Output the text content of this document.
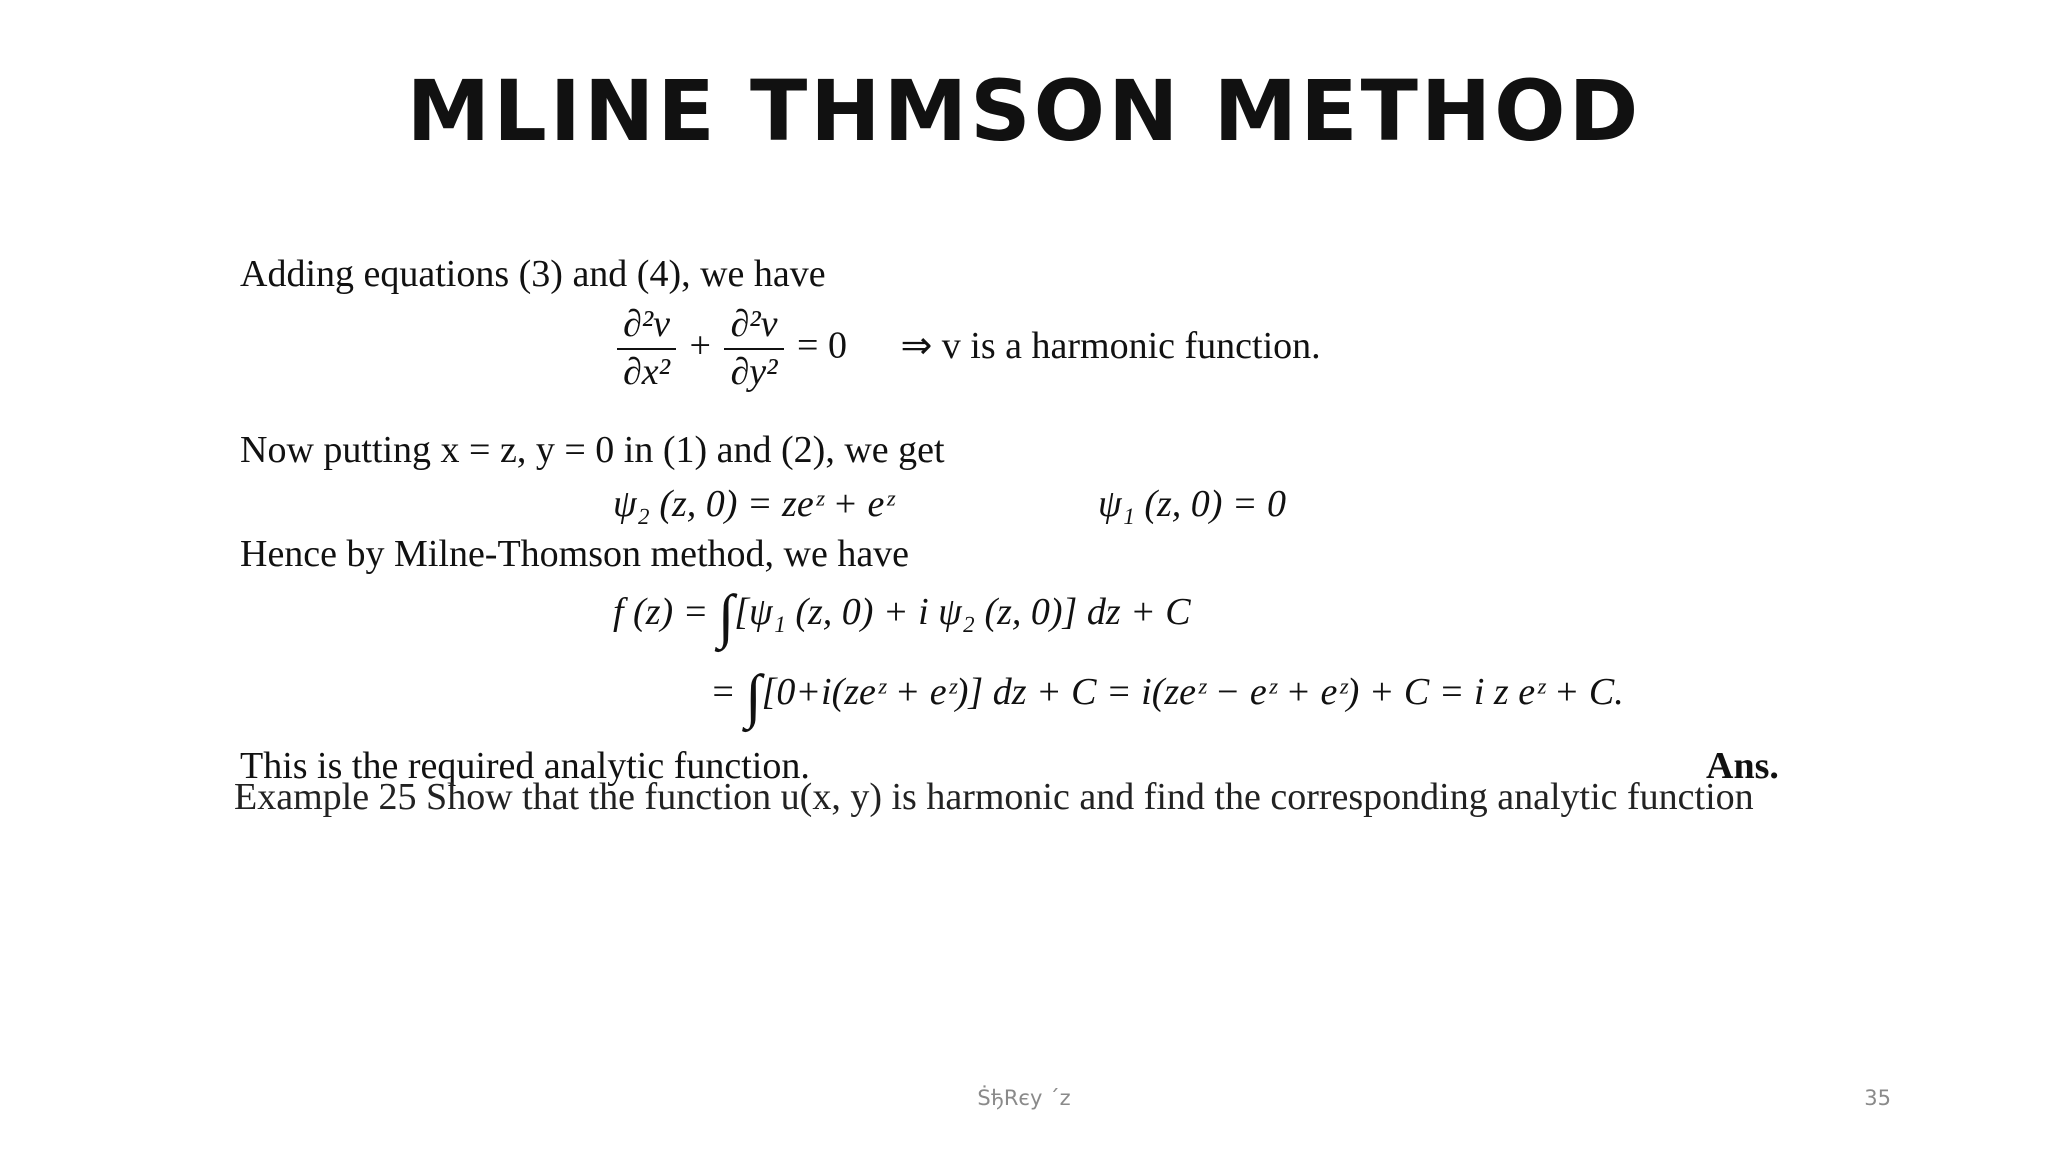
MLINE THMSON METHOD
Adding equations (3) and (4), we have
$\frac{\text{∂²v}}{\text{∂x²}} + \frac{\text{∂²v}}{\text{∂y²}} = 0$ ⇒ v is a harmonic function.
Now putting x = z, y = 0 in (1) and (2), we get
ψ₂ (z, 0) = zeᶻ + eᶻ	ψ₁ (z, 0) = 0
Hence by Milne-Thomson method, we have
f (z) = ∫[ψ₁ (z, 0) + i ψ₂ (z, 0)] dz + C
= ∫[0+i(zeᶻ + eᶻ)] dz + C = i(zeᶻ − eᶻ + eᶻ) + C = i z eᶻ + C.
This is the required analytic function.	Ans.
Example 25 Show that the function u(x, y) is harmonic and find the corresponding analytic function
ṠђRєу ˊᴢ	35
